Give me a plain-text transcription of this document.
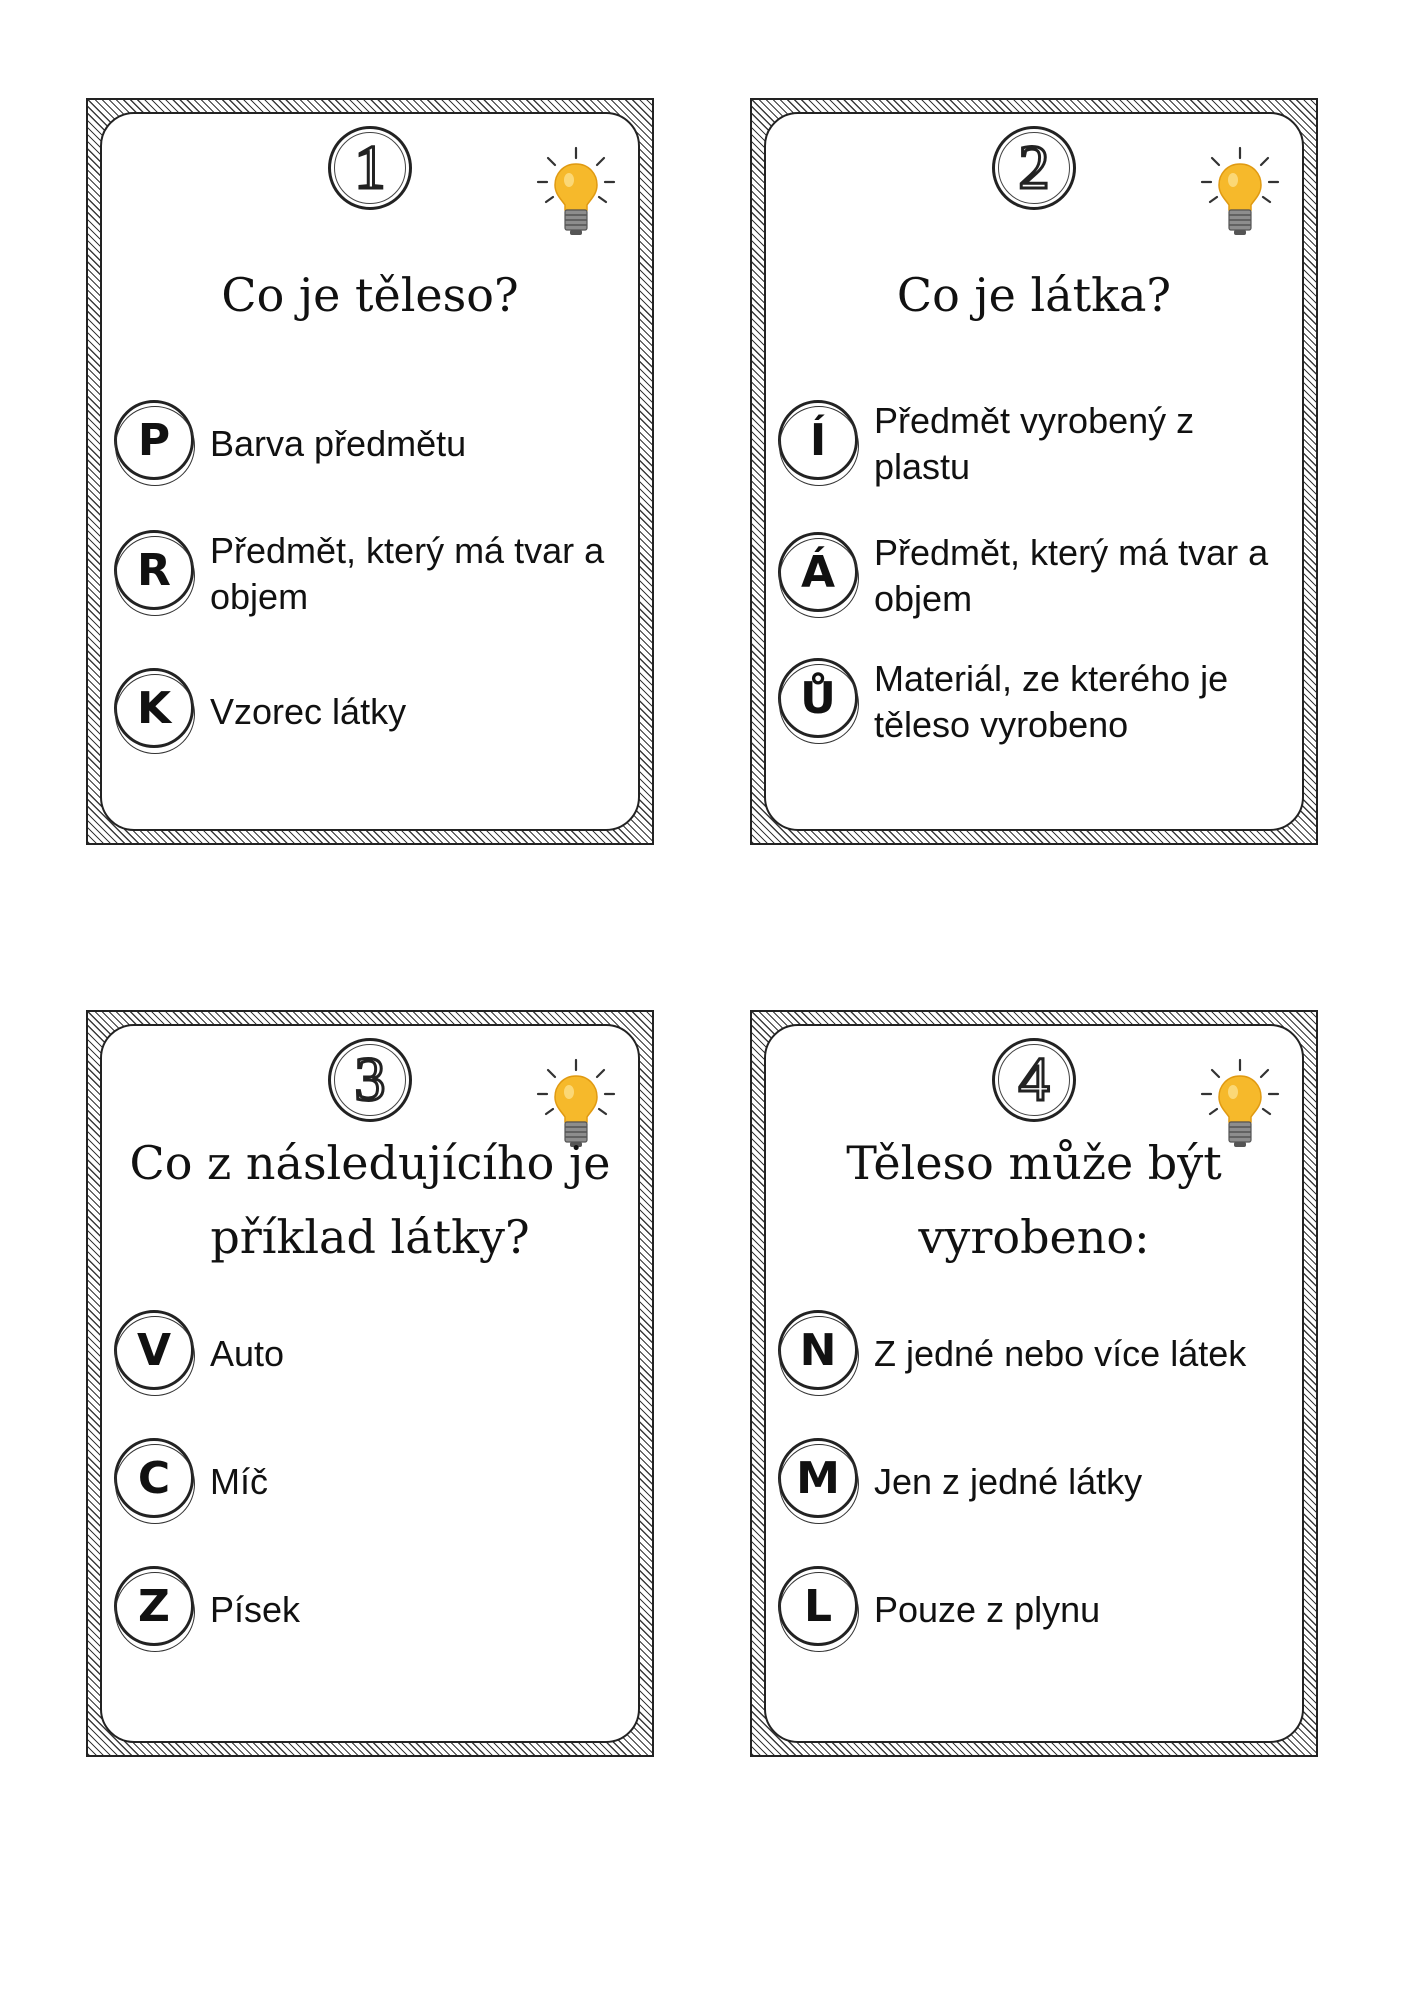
1
Co je těleso?
P	Barva předmětu
R	Předmět, který má tvar a objem
K	Vzorec látky
2
Co je látka?
Í	Předmět vyrobený z plastu
Á	Předmět, který má tvar a objem
Ů	Materiál, ze kterého je těleso vyrobeno
3
Co z následujícího je příklad látky?
V	Auto
C	Míč
Z	Písek
4
Těleso může být vyrobeno:
N	Z jedné nebo více látek
M Jen z jedné látky
L	Pouze z plynu
